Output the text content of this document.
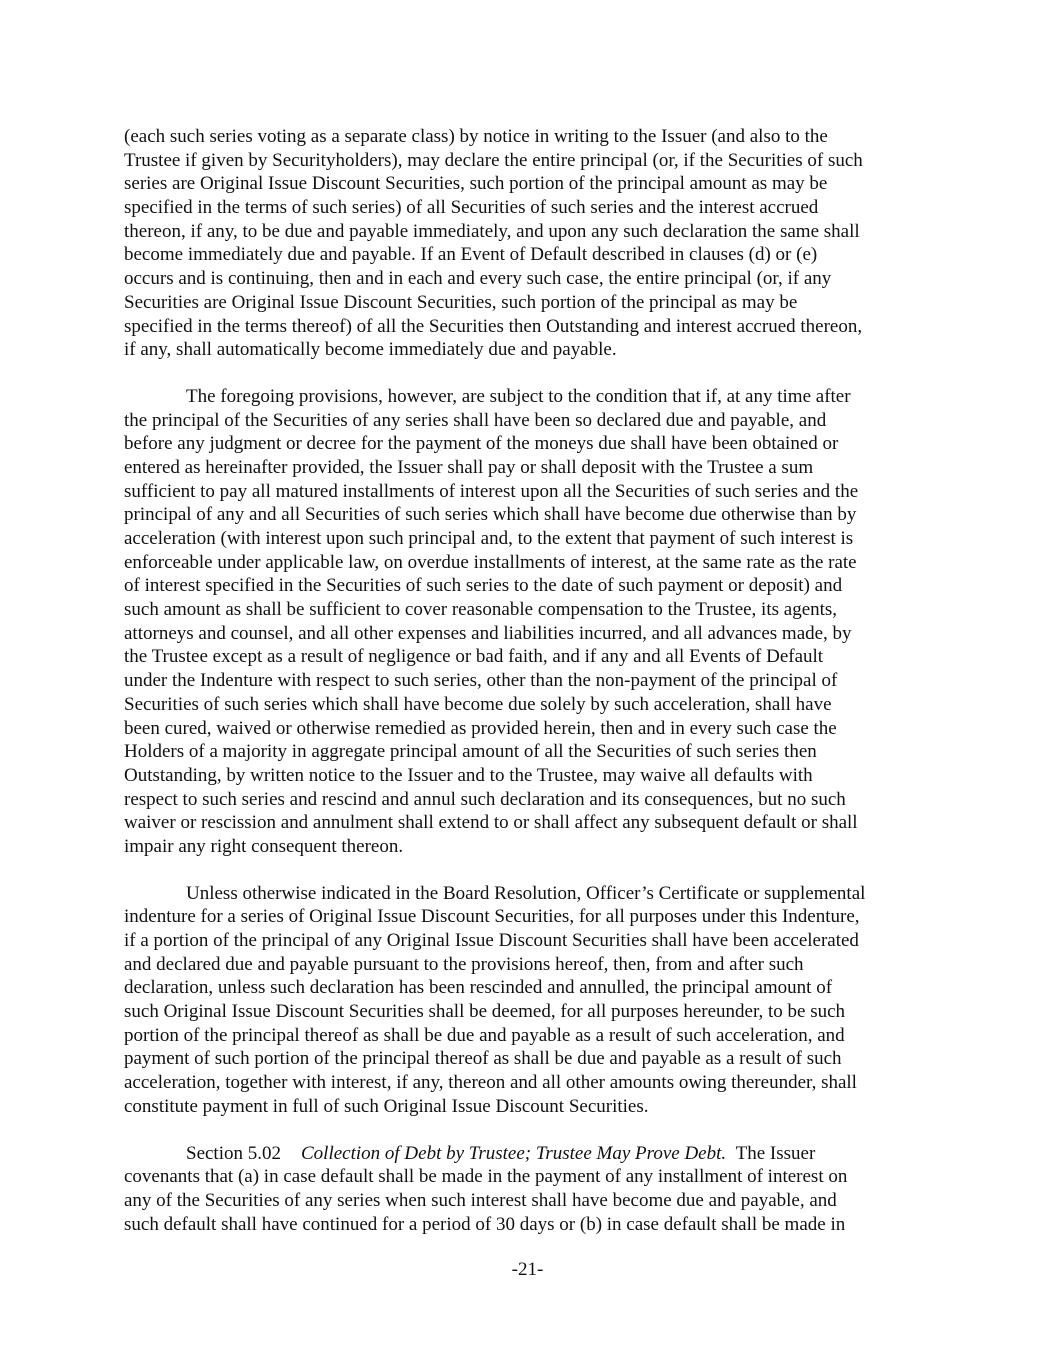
(each such series voting as a separate class) by notice in writing to the Issuer (and also to the
Trustee if given by Securityholders), may declare the entire principal (or, if the Securities of such
series are Original Issue Discount Securities, such portion of the principal amount as may be
specified in the terms of such series) of all Securities of such series and the interest accrued
thereon, if any, to be due and payable immediately, and upon any such declaration the same shall
become immediately due and payable. If an Event of Default described in clauses (d) or (e)
occurs and is continuing, then and in each and every such case, the entire principal (or, if any
Securities are Original Issue Discount Securities, such portion of the principal as may be
specified in the terms thereof) of all the Securities then Outstanding and interest accrued thereon,
if any, shall automatically become immediately due and payable.
The foregoing provisions, however, are subject to the condition that if, at any time after
the principal of the Securities of any series shall have been so declared due and payable, and
before any judgment or decree for the payment of the moneys due shall have been obtained or
entered as hereinafter provided, the Issuer shall pay or shall deposit with the Trustee a sum
sufficient to pay all matured installments of interest upon all the Securities of such series and the
principal of any and all Securities of such series which shall have become due otherwise than by
acceleration (with interest upon such principal and, to the extent that payment of such interest is
enforceable under applicable law, on overdue installments of interest, at the same rate as the rate
of interest specified in the Securities of such series to the date of such payment or deposit) and
such amount as shall be sufficient to cover reasonable compensation to the Trustee, its agents,
attorneys and counsel, and all other expenses and liabilities incurred, and all advances made, by
the Trustee except as a result of negligence or bad faith, and if any and all Events of Default
under the Indenture with respect to such series, other than the non-payment of the principal of
Securities of such series which shall have become due solely by such acceleration, shall have
been cured, waived or otherwise remedied as provided herein, then and in every such case the
Holders of a majority in aggregate principal amount of all the Securities of such series then
Outstanding, by written notice to the Issuer and to the Trustee, may waive all defaults with
respect to such series and rescind and annul such declaration and its consequences, but no such
waiver or rescission and annulment shall extend to or shall affect any subsequent default or shall
impair any right consequent thereon.
Unless otherwise indicated in the Board Resolution, Officer’s Certificate or supplemental
indenture for a series of Original Issue Discount Securities, for all purposes under this Indenture,
if a portion of the principal of any Original Issue Discount Securities shall have been accelerated
and declared due and payable pursuant to the provisions hereof, then, from and after such
declaration, unless such declaration has been rescinded and annulled, the principal amount of
such Original Issue Discount Securities shall be deemed, for all purposes hereunder, to be such
portion of the principal thereof as shall be due and payable as a result of such acceleration, and
payment of such portion of the principal thereof as shall be due and payable as a result of such
acceleration, together with interest, if any, thereon and all other amounts owing thereunder, shall
constitute payment in full of such Original Issue Discount Securities.
Section 5.02 Collection of Debt by Trustee; Trustee May Prove Debt. The Issuer
covenants that (a) in case default shall be made in the payment of any installment of interest on
any of the Securities of any series when such interest shall have become due and payable, and
such default shall have continued for a period of 30 days or (b) in case default shall be made in
-21-
